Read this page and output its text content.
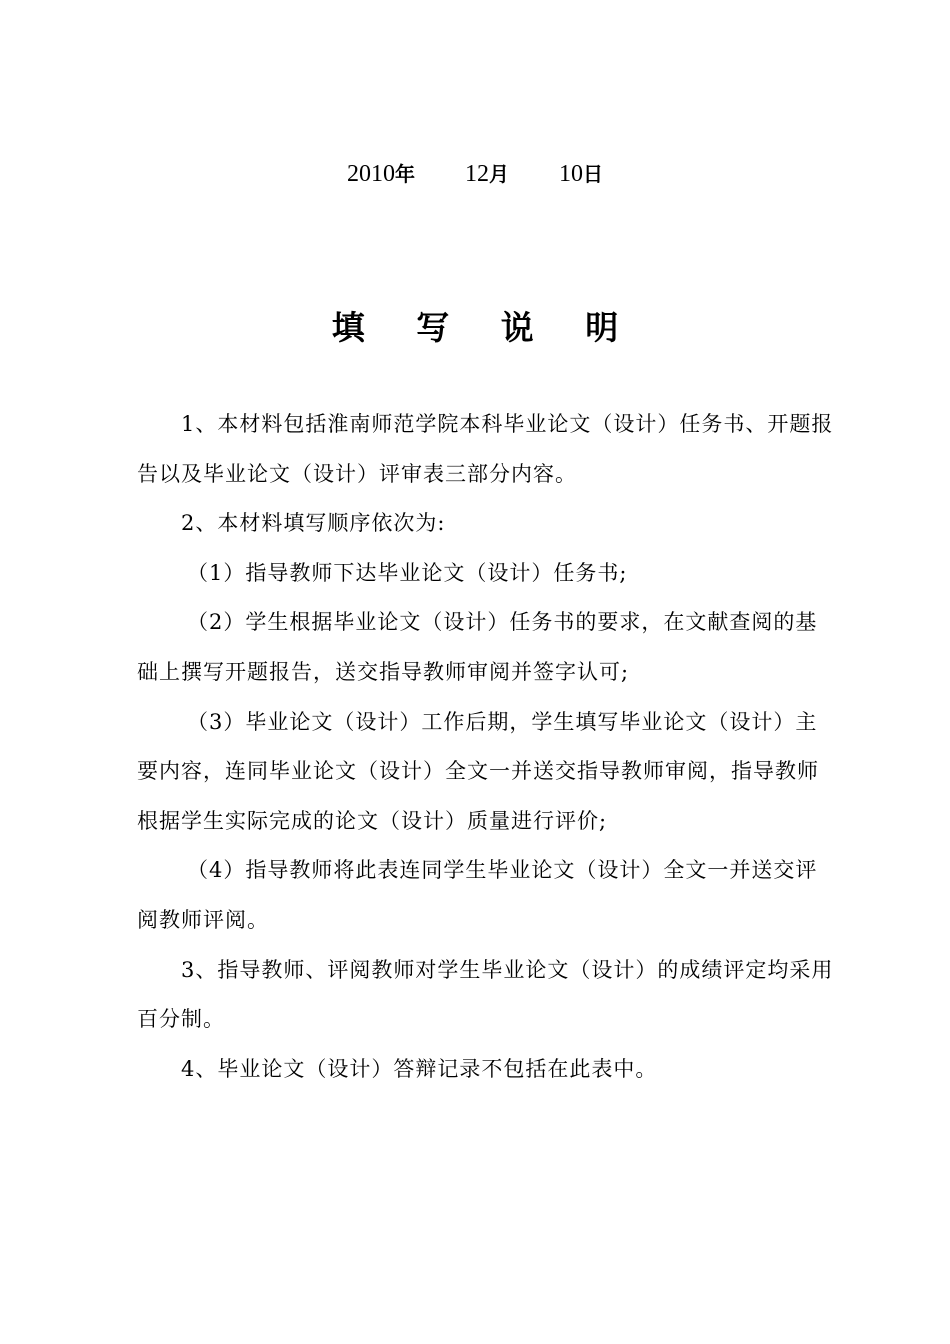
2010年 12月 10日
填 写 说 明

1、本材料包括淮南师范学院本科毕业论文（设计）任务书、开题报告以及毕业论文（设计）评审表三部分内容。

2、本材料填写顺序依次为:

（1）指导教师下达毕业论文（设计）任务书;

（2）学生根据毕业论文（设计）任务书的要求，在文献查阅的基础上撰写开题报告，送交指导教师审阅并签字认可;

（3）毕业论文（设计）工作后期，学生填写毕业论文（设计）主要内容，连同毕业论文（设计）全文一并送交指导教师审阅，指导教师根据学生实际完成的论文（设计）质量进行评价;

（4）指导教师将此表连同学生毕业论文（设计）全文一并送交评阅教师评阅。

3、指导教师、评阅教师对学生毕业论文（设计）的成绩评定均采用百分制。

4、毕业论文（设计）答辩记录不包括在此表中。
